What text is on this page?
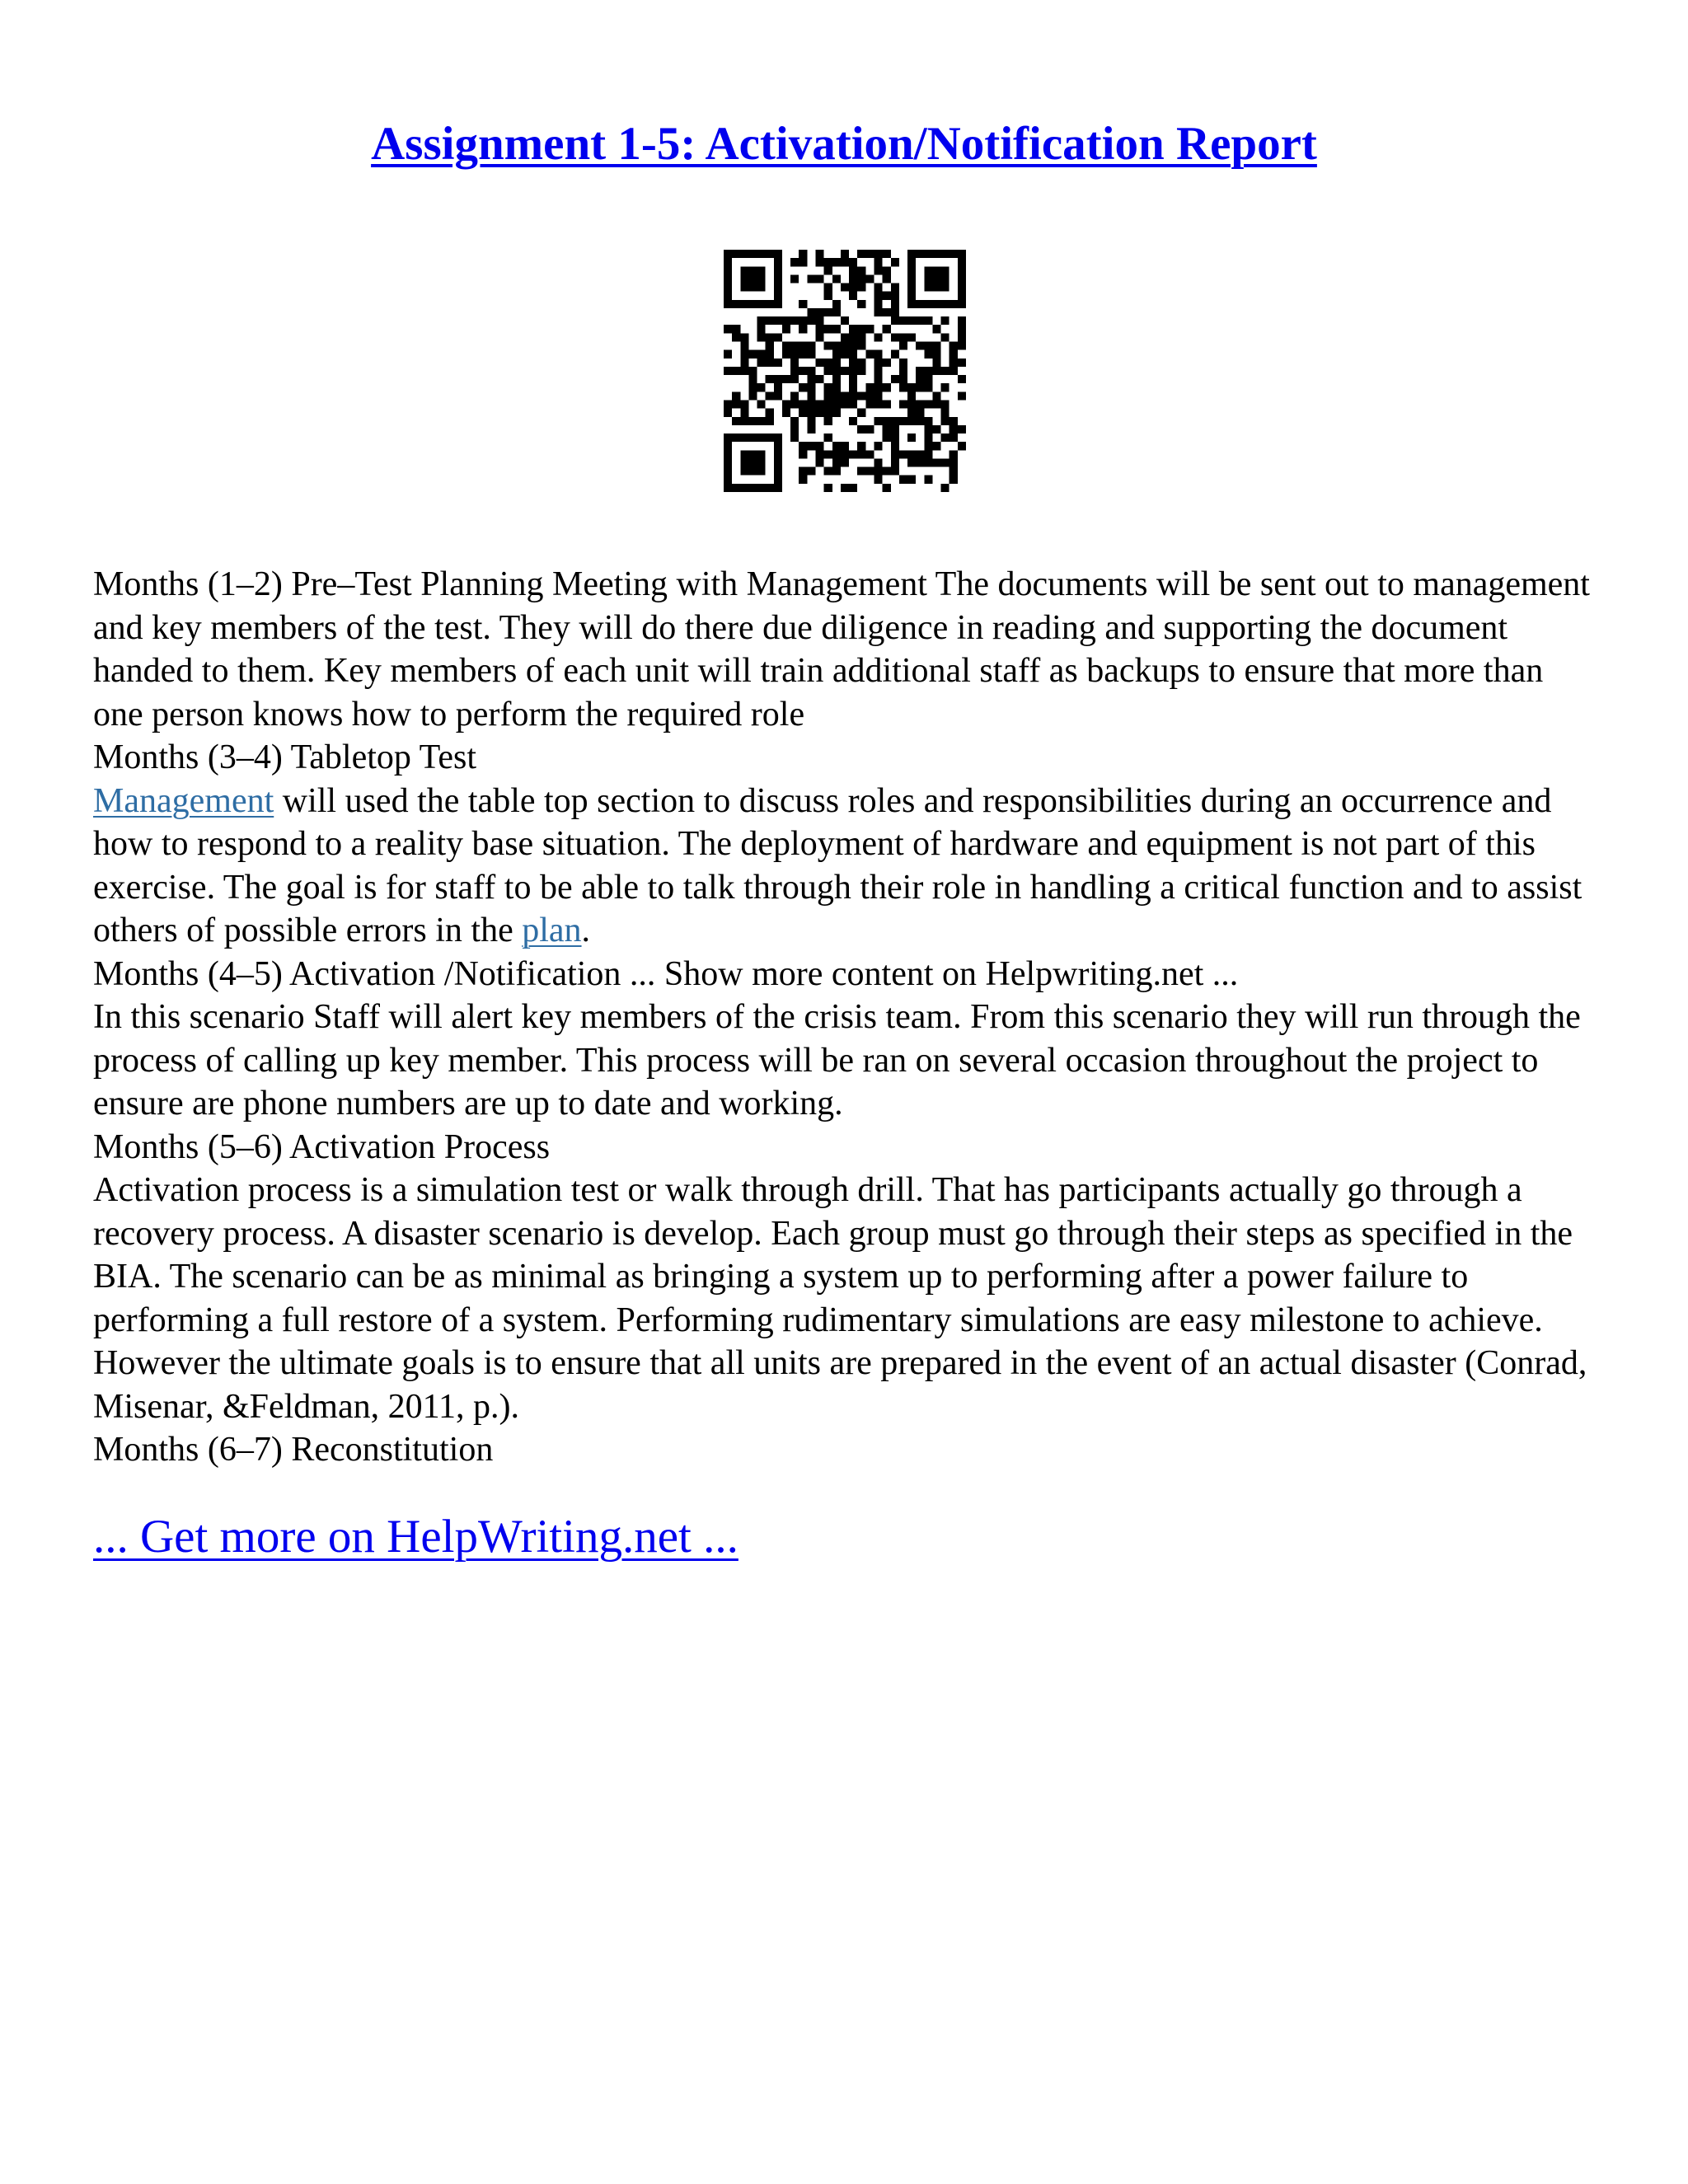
Assignment 1-5: Activation/Notification Report

Months (1–2) Pre–Test Planning Meeting with Management The documents will be sent out to management and key members of the test. They will do there due diligence in reading and supporting the document handed to them. Key members of each unit will train additional staff as backups to ensure that more than one person knows how to perform the required role

Months (3–4) Tabletop Test

Management will used the table top section to discuss roles and responsibilities during an occurrence and how to respond to a reality base situation. The deployment of hardware and equipment is not part of this exercise. The goal is for staff to be able to talk through their role in handling a critical function and to assist others of possible errors in the plan.

Months (4–5) Activation /Notification ... Show more content on Helpwriting.net ...

In this scenario Staff will alert key members of the crisis team. From this scenario they will run through the process of calling up key member. This process will be ran on several occasion throughout the project to ensure are phone numbers are up to date and working.

Months (5–6) Activation Process

Activation process is a simulation test or walk through drill. That has participants actually go through a recovery process. A disaster scenario is develop. Each group must go through their steps as specified in the BIA. The scenario can be as minimal as bringing a system up to performing after a power failure to performing a full restore of a system. Performing rudimentary simulations are easy milestone to achieve. However the ultimate goals is to ensure that all units are prepared in the event of an actual disaster (Conrad, Misenar, &Feldman, 2011, p.).

Months (6–7) Reconstitution

... Get more on HelpWriting.net ...
